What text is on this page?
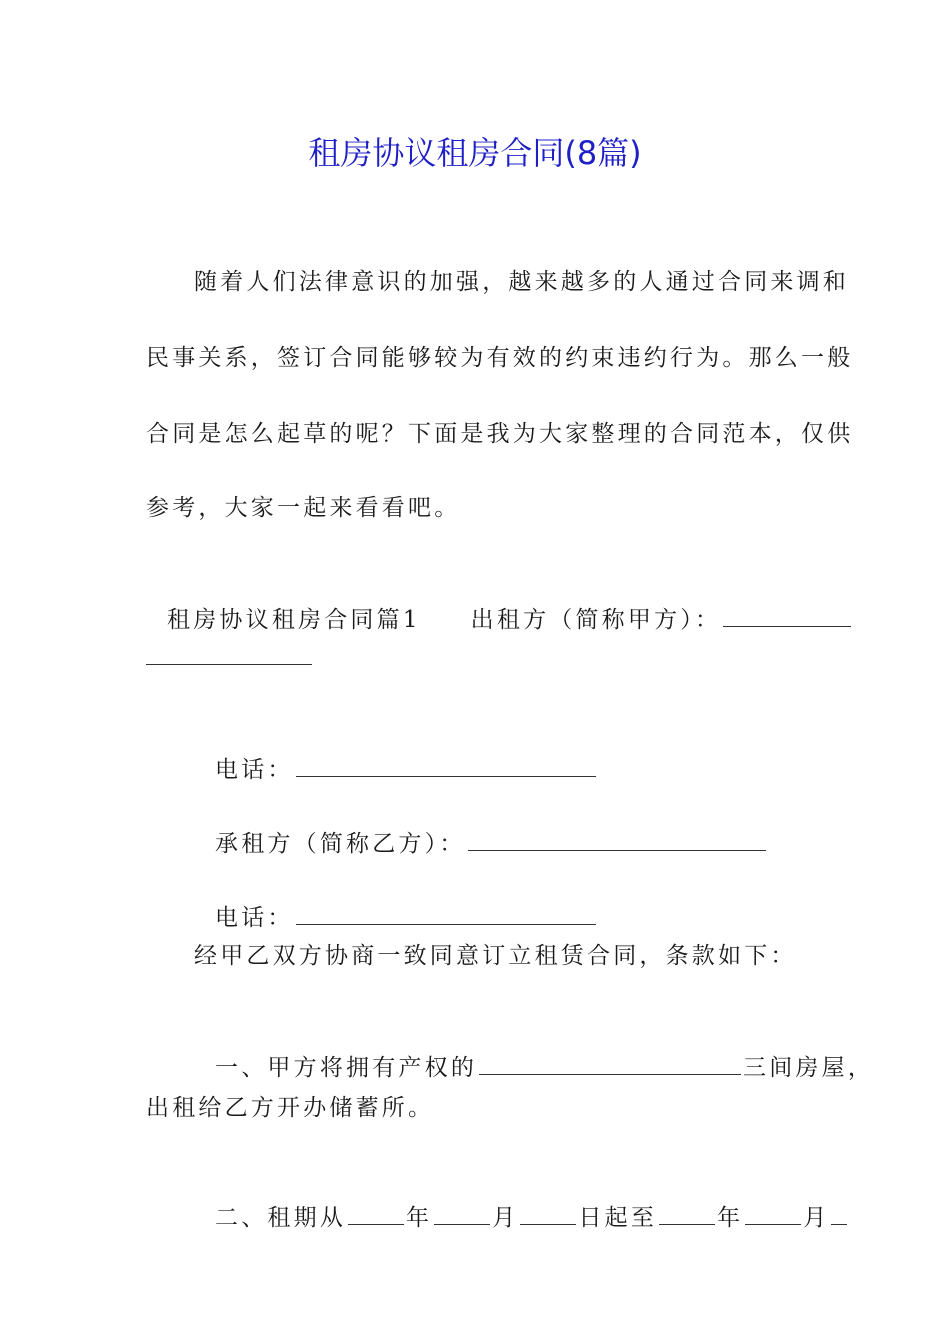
租房协议租房合同(8篇)
随着人们法律意识的加强，越来越多的人通过合同来调和
民事关系，签订合同能够较为有效的约束违约行为。那么一般
合同是怎么起草的呢？下面是我为大家整理的合同范本，仅供
参考，大家一起来看看吧。

租房协议租房合同篇1 出租方（简称甲方）：

电话：

承租方（简称乙方）：

电话：

经甲乙双方协商一致同意订立租赁合同，条款如下：

一、甲方将拥有产权的	三间房屋，

出租给乙方开办储蓄所。

二、租期从	年	月	日起至	年	月
